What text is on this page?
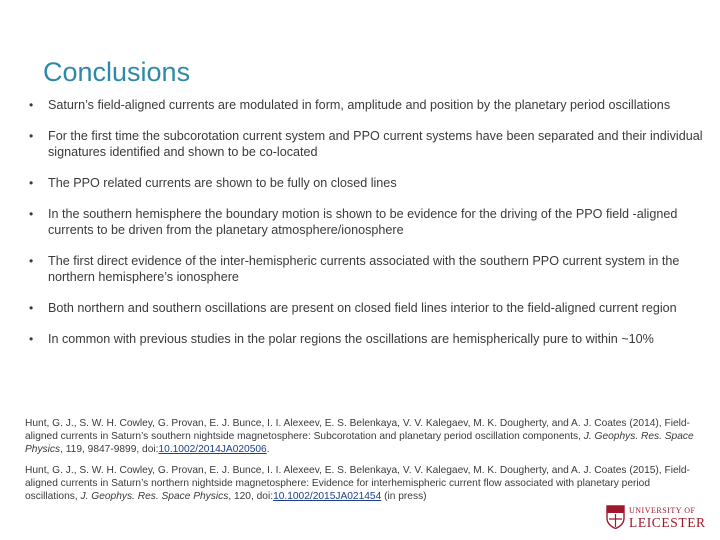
Conclusions
• Saturn’s field-aligned currents are modulated in form, amplitude and position by the planetary period oscillations
• For the first time the subcorotation current system and PPO current systems have been separated and their individual signatures identified and shown to be co-located
• The PPO related currents are shown to be fully on closed lines
• In the southern hemisphere the boundary motion is shown to be evidence for the driving of the PPO field -aligned currents to be driven from the planetary atmosphere/ionosphere
• The first direct evidence of the inter-hemispheric currents associated with the southern PPO current system in the northern hemisphere’s ionosphere
• Both northern and southern oscillations are present on closed field lines interior to the field-aligned current region
• In common with previous studies in the polar regions the oscillations are hemispherically pure to within ~10%
Hunt, G. J., S. W. H. Cowley, G. Provan, E. J. Bunce, I. I. Alexeev, E. S. Belenkaya, V. V. Kalegaev, M. K. Dougherty, and A. J. Coates (2014), Field-aligned currents in Saturn’s southern nightside magnetosphere: Subcorotation and planetary period oscillation components, J. Geophys. Res. Space Physics, 119, 9847-9899, doi:10.1002/2014JA020506.
Hunt, G. J., S. W. H. Cowley, G. Provan, E. J. Bunce, I. I. Alexeev, E. S. Belenkaya, V. V. Kalegaev, M. K. Dougherty, and A. J. Coates (2015), Field-aligned currents in Saturn’s northern nightside magnetosphere: Evidence for interhemispheric current flow associated with planetary period oscillations, J. Geophys. Res. Space Physics, 120, doi:10.1002/2015JA021454 (in press)
UNIVERSITY OF
LEICESTER
